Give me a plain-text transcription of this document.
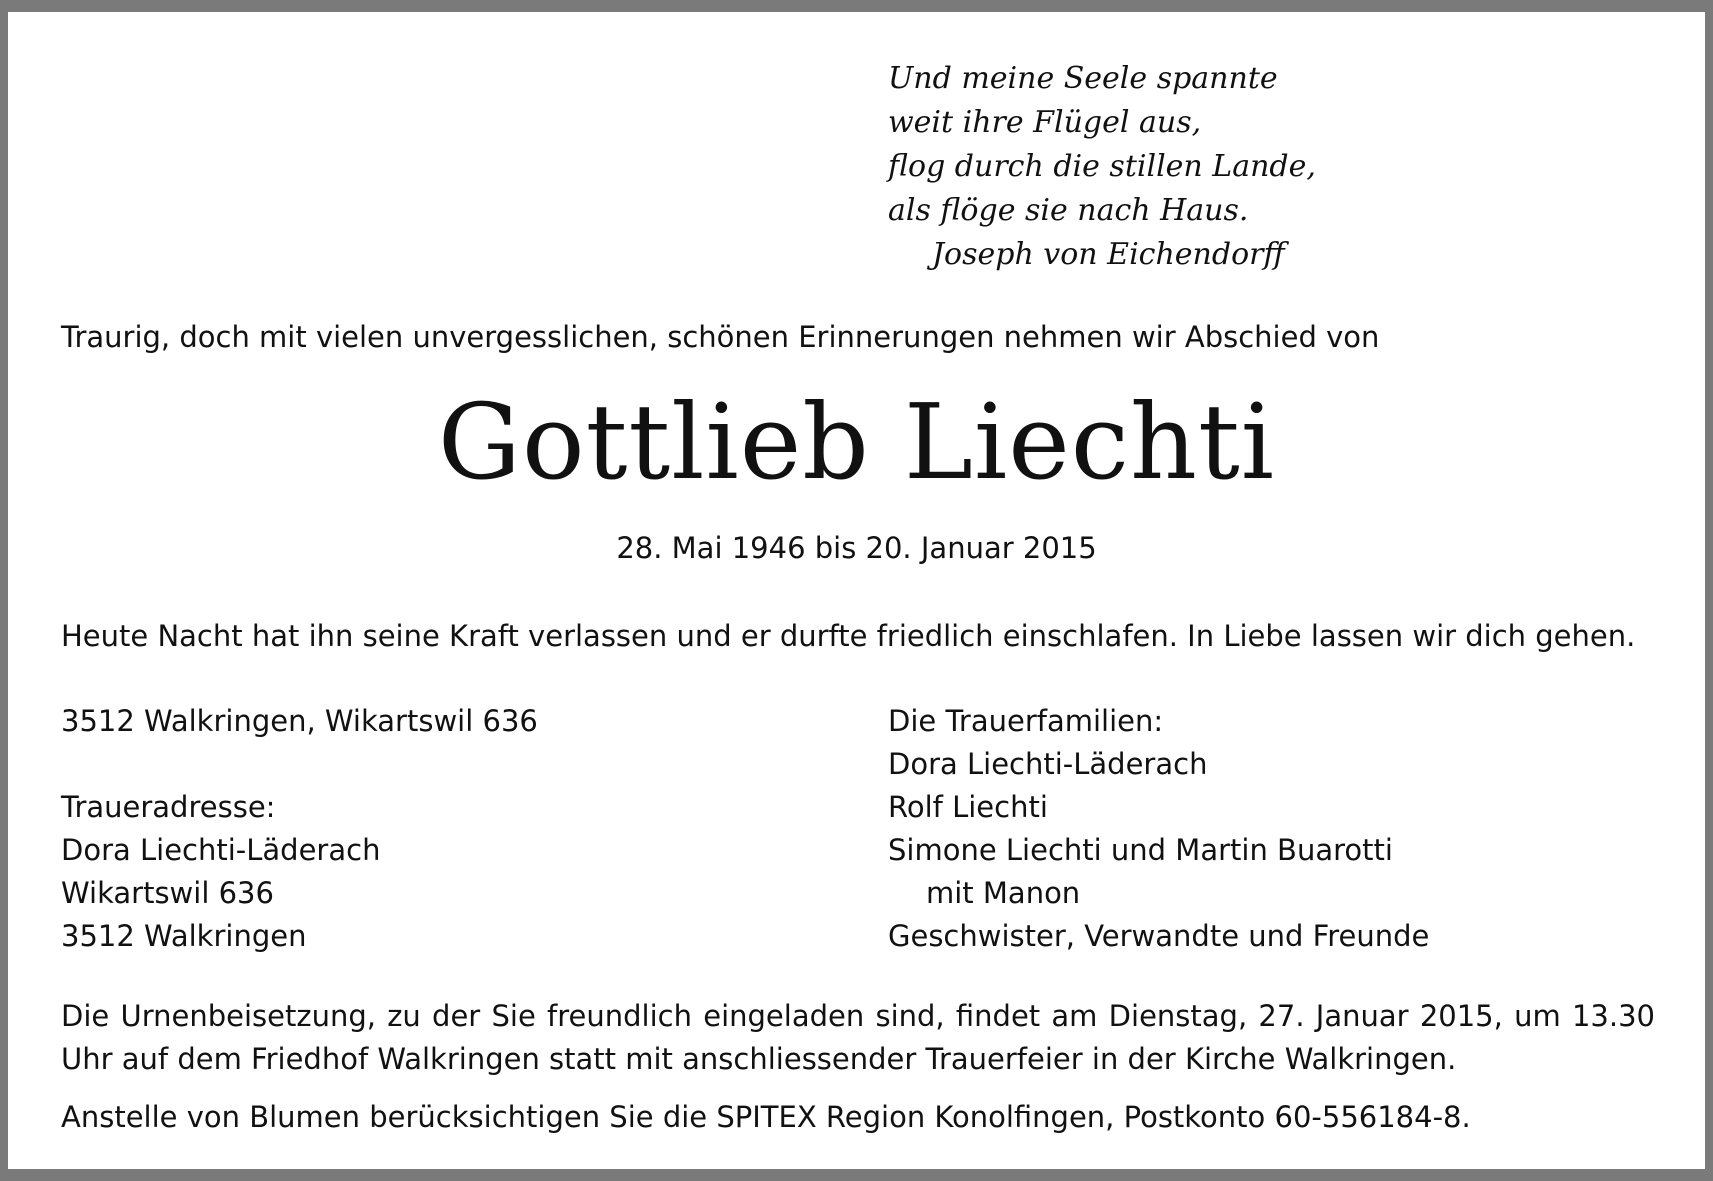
Und meine Seele spannte
weit ihre Flügel aus,
flog durch die stillen Lande,
als flöge sie nach Haus.
Joseph von Eichendorff
Traurig, doch mit vielen unvergesslichen, schönen Erinnerungen nehmen wir Abschied von
Gottlieb Liechti
28. Mai 1946 bis 20. Januar 2015
Heute Nacht hat ihn seine Kraft verlassen und er durfte friedlich einschlafen. In Liebe lassen wir dich gehen.
3512 Walkringen, Wikartswil 636
Traueradresse:
Dora Liechti-Läderach
Wikartswil 636
3512 Walkringen
Die Trauerfamilien:
Dora Liechti-Läderach
Rolf Liechti
Simone Liechti und Martin Buarotti
mit Manon
Geschwister, Verwandte und Freunde
Die Urnenbeisetzung, zu der Sie freundlich eingeladen sind, findet am Dienstag, 27. Januar 2015, um 13.30 Uhr auf dem Friedhof Walkringen statt mit anschliessender Trauerfeier in der Kirche Walkringen.
Anstelle von Blumen berücksichtigen Sie die SPITEX Region Konolfingen, Postkonto 60-556184-8.
